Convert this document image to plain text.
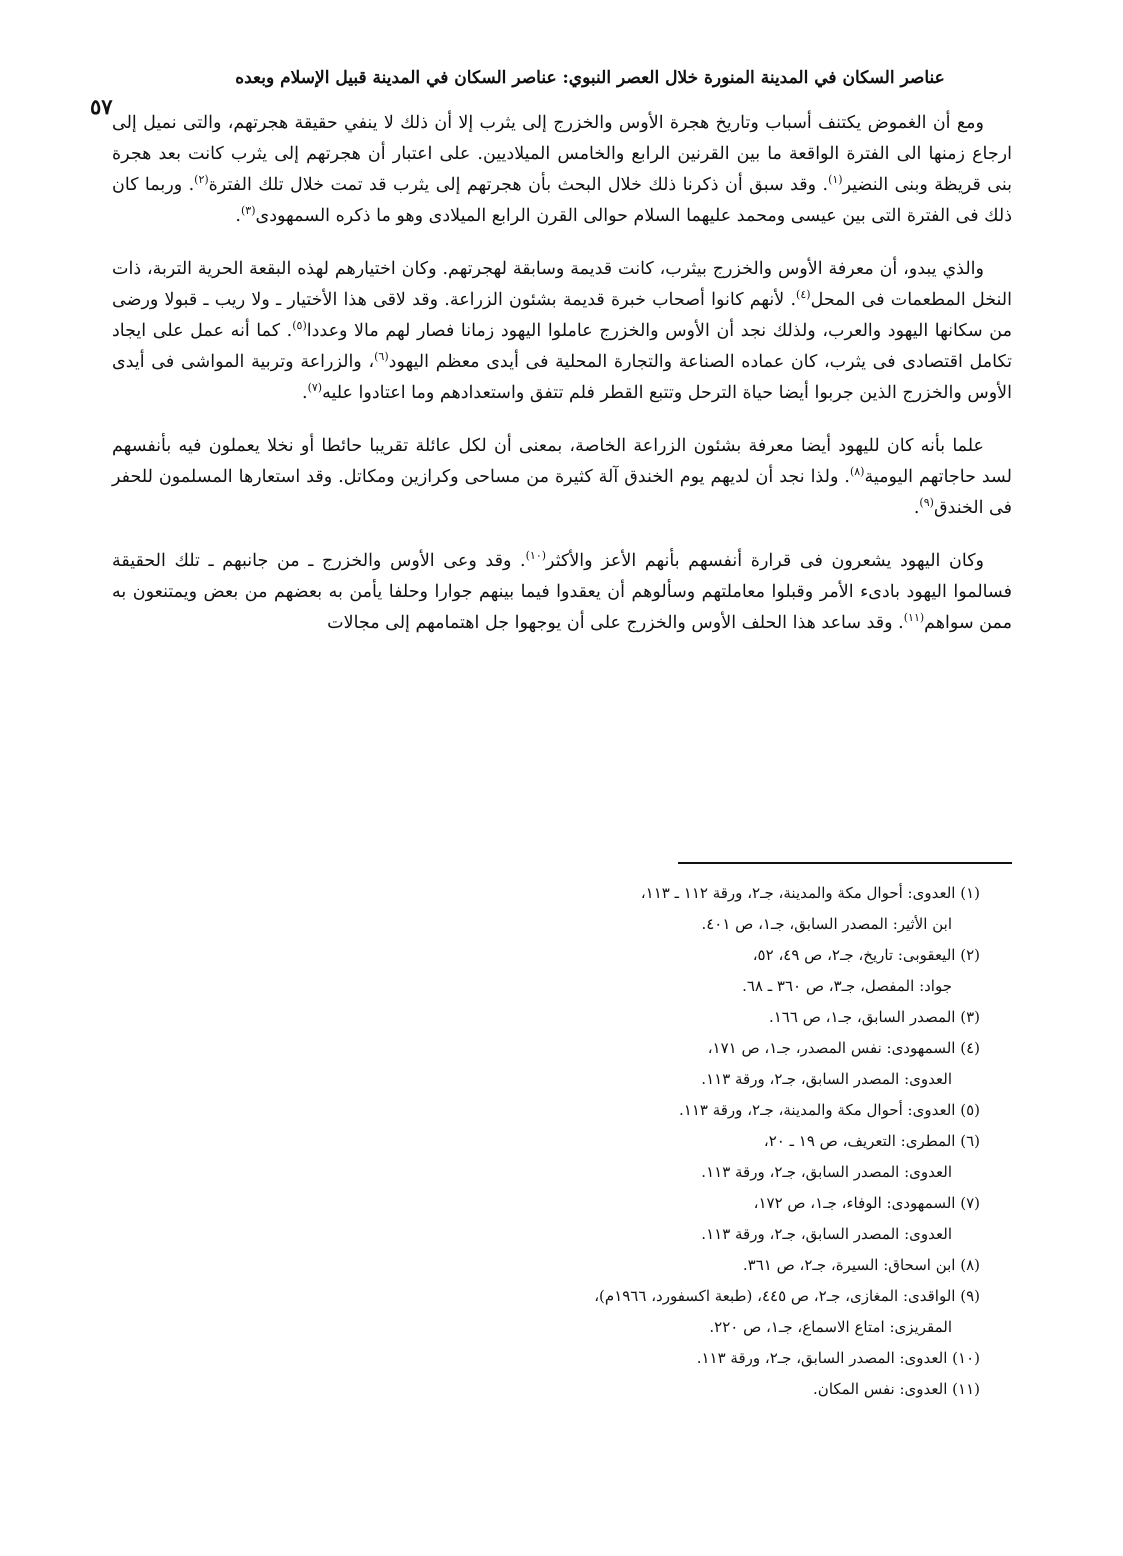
عناصر السكان في المدينة المنورة خلال العصر النبوي: عناصر السكان في المدينة قبيل الإسلام وبعده
٥٧

ومع أن الغموض يكتنف أسباب وتاريخ هجرة الأوس والخزرج إلى يثرب إلا أن ذلك لا ينفي حقيقة هجرتهم، والتى نميل إلى ارجاع زمنها الى الفترة الواقعة ما بين القرنين الرابع والخامس الميلاديين. على اعتبار أن هجرتهم إلى يثرب كانت بعد هجرة بنى قريظة وبنى النضير$^{(١)}$. وقد سبق أن ذكرنا ذلك خلال البحث بأن هجرتهم إلى يثرب قد تمت خلال تلك الفترة$^{(٢)}$. وربما كان ذلك فى الفترة التى بين عيسى ومحمد عليهما السلام حوالى القرن الرابع الميلادى وهو ما ذكره السمهودى$^{(٣)}$.

والذي يبدو، أن معرفة الأوس والخزرج بيثرب، كانت قديمة وسابقة لهجرتهم. وكان اختيارهم لهذه البقعة الحرية التربة، ذات النخل المطعمات فى المحل$^{(٤)}$. لأنهم كانوا أصحاب خبرة قديمة بشئون الزراعة. وقد لاقى هذا الأختيار ـ ولا ريب ـ قبولا ورضى من سكانها اليهود والعرب، ولذلك نجد أن الأوس والخزرج عاملوا اليهود زمانا فصار لهم مالا وعددا$^{(٥)}$. كما أنه عمل على ايجاد تكامل اقتصادى فى يثرب، كان عماده الصناعة والتجارة المحلية فى أيدى معظم اليهود$^{(٦)}$، والزراعة وتربية المواشى فى أيدى الأوس والخزرج الذين جربوا أيضا حياة الترحل وتتبع القطر فلم تتفق واستعدادهم وما اعتادوا عليه$^{(٧)}$.

علما بأنه كان لليهود أيضا معرفة بشئون الزراعة الخاصة، بمعنى أن لكل عائلة تقريبا حائطا أو نخلا يعملون فيه بأنفسهم لسد حاجاتهم اليومية$^{(٨)}$. ولذا نجد أن لديهم يوم الخندق آلة كثيرة من مساحى وكرازين ومكاتل. وقد استعارها المسلمون للحفر فى الخندق$^{(٩)}$.

وكان اليهود يشعرون فى قرارة أنفسهم بأنهم الأعز والأكثر$^{(١٠)}$. وقد وعى الأوس والخزرج ـ من جانبهم ـ تلك الحقيقة فسالموا اليهود بادىء الأمر وقبلوا معاملتهم وسألوهم أن يعقدوا فيما بينهم جوارا وحلفا يأمن به بعضهم من بعض ويمتنعون به ممن سواهم$^{(١١)}$. وقد ساعد هذا الحلف الأوس والخزرج على أن يوجهوا جل اهتمامهم إلى مجالات

(١) العدوى: أحوال مكة والمدينة، جـ٢، ورقة ١١٢ ـ ١١٣،
ابن الأثير: المصدر السابق، جـ١، ص ٤٠١.
(٢) اليعقوبى: تاريخ، جـ٢، ص ٤٩، ٥٢،
جواد: المفصل، جـ٣، ص ٣٦٠ ـ ٦٨.
(٣) المصدر السابق، جـ١، ص ١٦٦.
(٤) السمهودى: نفس المصدر، جـ١، ص ١٧١،
العدوى: المصدر السابق، جـ٢، ورقة ١١٣.
(٥) العدوى: أحوال مكة والمدينة، جـ٢، ورقة ١١٣.
(٦) المطرى: التعريف، ص ١٩ ـ ٢٠،
العدوى: المصدر السابق، جـ٢، ورقة ١١٣.
(٧) السمهودى: الوفاء، جـ١، ص ١٧٢،
العدوى: المصدر السابق، جـ٢، ورقة ١١٣.
(٨) ابن اسحاق: السيرة، جـ٢، ص ٣٦١.
(٩) الواقدى: المغازى، جـ٢، ص ٤٤٥، (طبعة اكسفورد، ١٩٦٦م)،
المقريزى: امتاع الاسماع، جـ١، ص ٢٢٠.
(١٠) العدوى: المصدر السابق، جـ٢، ورقة ١١٣.
(١١) العدوى: نفس المكان.
